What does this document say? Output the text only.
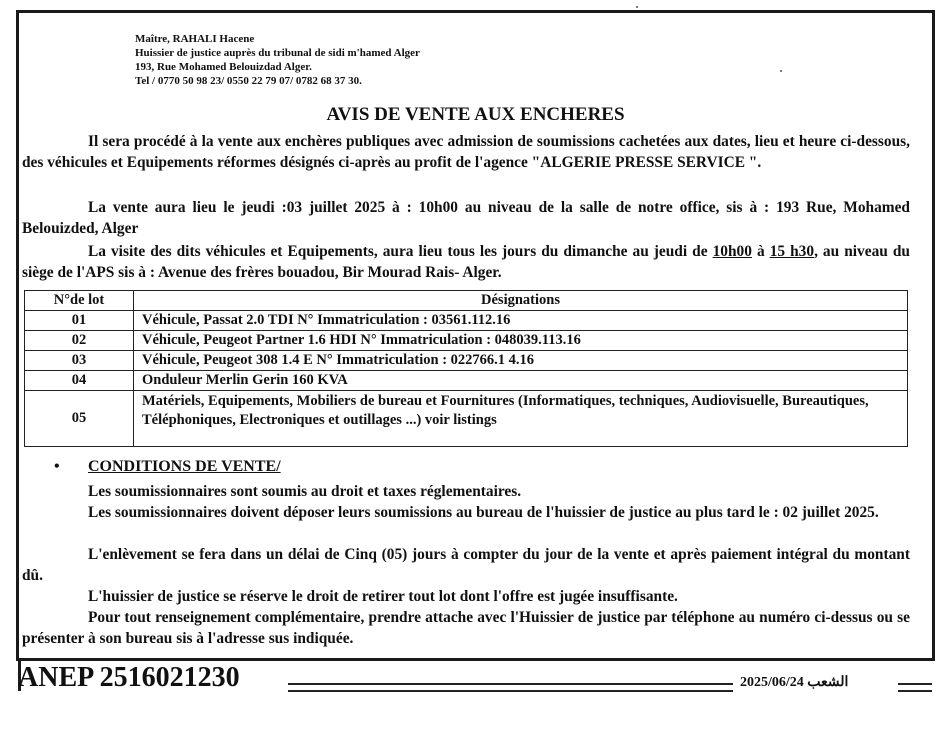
Maître, RAHALI Hacene
Huissier de justice auprès du tribunal de sidi m'hamed Alger
193, Rue Mohamed Belouizdad Alger.
Tel / 0770 50 98 23/ 0550 22 79 07/ 0782 68 37 30.
AVIS DE VENTE AUX ENCHERES
Il sera procédé à la vente aux enchères publiques avec admission de soumissions cachetées aux dates, lieu et heure ci-dessous, des véhicules et Equipements réformes désignés ci-après au profit de l'agence "ALGERIE PRESSE SERVICE ".
La vente aura lieu le jeudi :03 juillet 2025 à : 10h00 au niveau de la salle de notre office, sis à : 193 Rue, Mohamed Belouizded, Alger
La visite des dits véhicules et Equipements, aura lieu tous les jours du dimanche au jeudi de 10h00 à 15 h30, au niveau du siège de l'APS sis à : Avenue des frères bouadou, Bir Mourad Rais- Alger.
N°de lot	Désignations
01	Véhicule, Passat 2.0 TDI N° Immatriculation : 03561.112.16
02	Véhicule, Peugeot Partner 1.6 HDI N° Immatriculation : 048039.113.16
03	Véhicule, Peugeot 308 1.4 E N° Immatriculation : 022766.1 4.16
04	Onduleur Merlin Gerin 160 KVA
05	Matériels, Equipements, Mobiliers de bureau et Fournitures (Informatiques, techniques, Audiovisuelle, Bureautiques, Téléphoniques, Electroniques et outillages ...) voir listings
• CONDITIONS DE VENTE/
Les soumissionnaires sont soumis au droit et taxes réglementaires.
Les soumissionnaires doivent déposer leurs soumissions au bureau de l'huissier de justice au plus tard le : 02 juillet 2025.
L'enlèvement se fera dans un délai de Cinq (05) jours à compter du jour de la vente et après paiement intégral du montant dû.
L'huissier de justice se réserve le droit de retirer tout lot dont l'offre est jugée insuffisante.
Pour tout renseignement complémentaire, prendre attache avec l'Huissier de justice par téléphone au numéro ci-dessus ou se présenter à son bureau sis à l'adresse sus indiquée.
ANEP 2516021230	2025/06/24 الشعب
